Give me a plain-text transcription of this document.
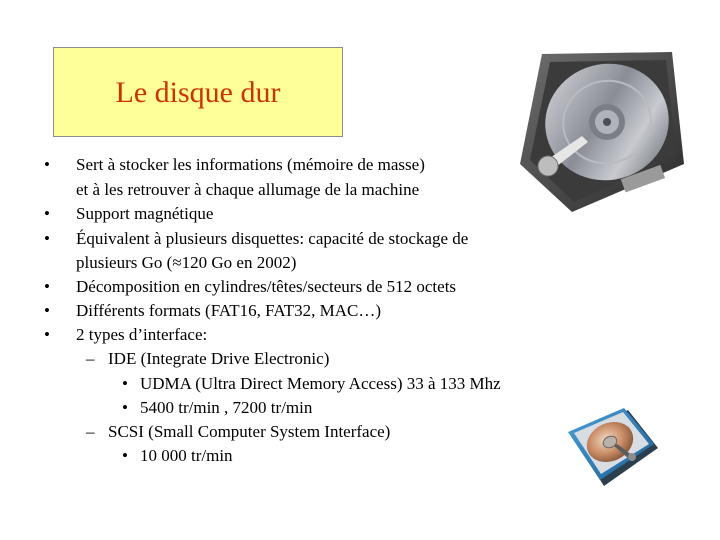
Le disque dur
• Sert à stocker les informations (mémoire de masse)
et à les retrouver à chaque allumage de la machine
• Support magnétique
• Équivalent à plusieurs disquettes: capacité de stockage de
plusieurs Go (≈120 Go en 2002)
• Décomposition en cylindres/têtes/secteurs de 512 octets
• Différents formats (FAT16, FAT32, MAC…)
• 2 types d’interface:
– IDE (Integrate Drive Electronic)
• UDMA (Ultra Direct Memory Access) 33 à 133 Mhz
• 5400 tr/min , 7200 tr/min
– SCSI (Small Computer System Interface)
• 10 000 tr/min
